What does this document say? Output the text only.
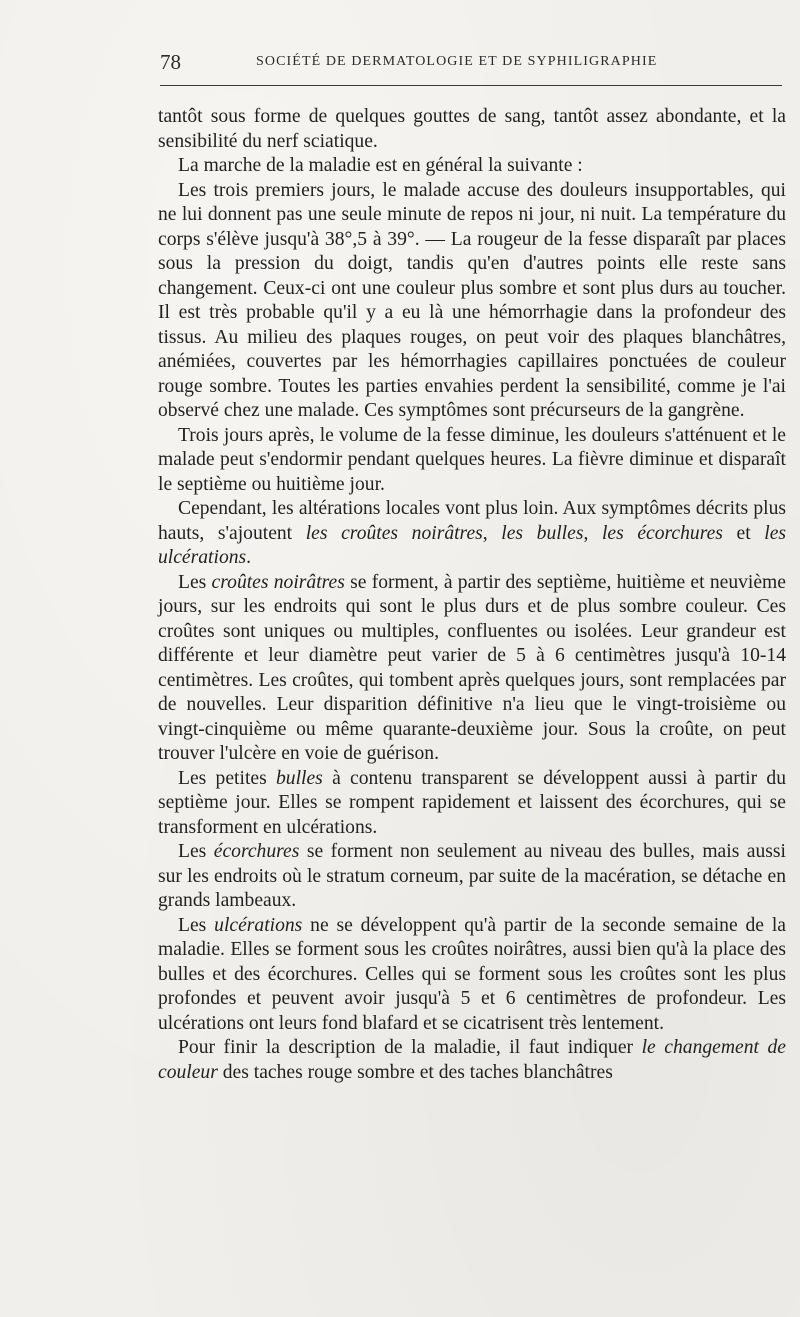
78	SOCIÉTÉ DE DERMATOLOGIE ET DE SYPHILIGRAPHIE

tantôt sous forme de quelques gouttes de sang, tantôt assez abondante, et la sensibilité du nerf sciatique.

La marche de la maladie est en général la suivante :

Les trois premiers jours, le malade accuse des douleurs insupportables, qui ne lui donnent pas une seule minute de repos ni jour, ni nuit. La température du corps s'élève jusqu'à 38°,5 à 39°. — La rougeur de la fesse disparaît par places sous la pression du doigt, tandis qu'en d'autres points elle reste sans changement. Ceux-ci ont une couleur plus sombre et sont plus durs au toucher. Il est très probable qu'il y a eu là une hémorrhagie dans la profondeur des tissus. Au milieu des plaques rouges, on peut voir des plaques blanchâtres, anémiées, couvertes par les hémorrhagies capillaires ponctuées de couleur rouge sombre. Toutes les parties envahies perdent la sensibilité, comme je l'ai observé chez une malade. Ces symptômes sont précurseurs de la gangrène.

Trois jours après, le volume de la fesse diminue, les douleurs s'atténuent et le malade peut s'endormir pendant quelques heures. La fièvre diminue et disparaît le septième ou huitième jour.

Cependant, les altérations locales vont plus loin. Aux symptômes décrits plus hauts, s'ajoutent les croûtes noirâtres, les bulles, les écorchures et les ulcérations.

Les croûtes noirâtres se forment, à partir des septième, huitième et neuvième jours, sur les endroits qui sont le plus durs et de plus sombre couleur. Ces croûtes sont uniques ou multiples, confluentes ou isolées. Leur grandeur est différente et leur diamètre peut varier de 5 à 6 centimètres jusqu'à 10-14 centimètres. Les croûtes, qui tombent après quelques jours, sont remplacées par de nouvelles. Leur disparition définitive n'a lieu que le vingt-troisième ou vingt-cinquième ou même quarante-deuxième jour. Sous la croûte, on peut trouver l'ulcère en voie de guérison.

Les petites bulles à contenu transparent se développent aussi à partir du septième jour. Elles se rompent rapidement et laissent des écorchures, qui se transforment en ulcérations.

Les écorchures se forment non seulement au niveau des bulles, mais aussi sur les endroits où le stratum corneum, par suite de la macération, se détache en grands lambeaux.

Les ulcérations ne se développent qu'à partir de la seconde semaine de la maladie. Elles se forment sous les croûtes noirâtres, aussi bien qu'à la place des bulles et des écorchures. Celles qui se forment sous les croûtes sont les plus profondes et peuvent avoir jusqu'à 5 et 6 centimètres de profondeur. Les ulcérations ont leurs fond blafard et se cicatrisent très lentement.

Pour finir la description de la maladie, il faut indiquer le changement de couleur des taches rouge sombre et des taches blanchâtres
